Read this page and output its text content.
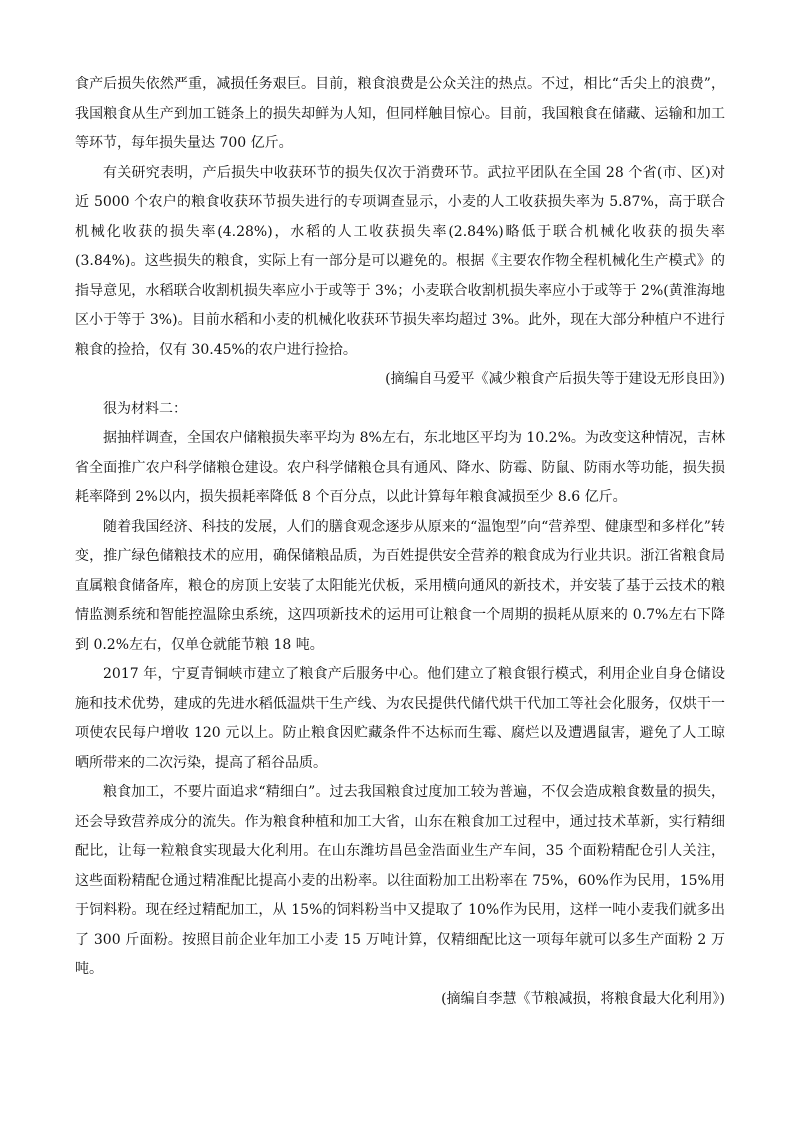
食产后损失依然严重，减损任务艰巨。目前，粮食浪费是公众关注的热点。不过，相比“舌尖上的浪费”，我国粮食从生产到加工链条上的损失却鲜为人知，但同样触目惊心。目前，我国粮食在储藏、运输和加工等环节，每年损失量达 700 亿斤。

有关研究表明，产后损失中收获环节的损失仅次于消费环节。武拉平团队在全国 28 个省(市、区)对近 5000 个农户的粮食收获环节损失进行的专项调查显示，小麦的人工收获损失率为 5.87%，高于联合机械化收获的损失率(4.28%)，水稻的人工收获损失率(2.84%)略低于联合机械化收获的损失率(3.84%)。这些损失的粮食，实际上有一部分是可以避免的。根据《主要农作物全程机械化生产模式》的指导意见，水稻联合收割机损失率应小于或等于 3%；小麦联合收割机损失率应小于或等于 2%(黄淮海地区小于等于 3%)。目前水稻和小麦的机械化收获环节损失率均超过 3%。此外，现在大部分种植户不进行粮食的捡拾，仅有 30.45%的农户进行捡拾。

(摘编自马爱平《减少粮食产后损失等于建设无形良田》)

很为材料二：

据抽样调查，全国农户储粮损失率平均为 8%左右，东北地区平均为 10.2%。为改变这种情况，吉林省全面推广农户科学储粮仓建设。农户科学储粮仓具有通风、降水、防霉、防鼠、防雨水等功能，损失损耗率降到 2%以内，损失损耗率降低 8 个百分点，以此计算每年粮食减损至少 8.6 亿斤。

随着我国经济、科技的发展，人们的膳食观念逐步从原来的“温饱型”向“营养型、健康型和多样化”转变，推广绿色储粮技术的应用，确保储粮品质，为百姓提供安全营养的粮食成为行业共识。浙江省粮食局直属粮食储备库，粮仓的房顶上安装了太阳能光伏板，采用横向通风的新技术，并安装了基于云技术的粮情监测系统和智能控温除虫系统，这四项新技术的运用可让粮食一个周期的损耗从原来的 0.7%左右下降到 0.2%左右，仅单仓就能节粮 18 吨。

2017 年，宁夏青铜峡市建立了粮食产后服务中心。他们建立了粮食银行模式，利用企业自身仓储设施和技术优势，建成的先进水稻低温烘干生产线、为农民提供代储代烘干代加工等社会化服务，仅烘干一项使农民每户增收 120 元以上。防止粮食因贮藏条件不达标而生霉、腐烂以及遭遇鼠害，避免了人工晾晒所带来的二次污染，提高了稻谷品质。

粮食加工，不要片面追求“精细白”。过去我国粮食过度加工较为普遍，不仅会造成粮食数量的损失，还会导致营养成分的流失。作为粮食种植和加工大省，山东在粮食加工过程中，通过技术革新，实行精细配比，让每一粒粮食实现最大化利用。在山东潍坊昌邑金浩面业生产车间，35 个面粉精配仓引人关注，这些面粉精配仓通过精准配比提高小麦的出粉率。以往面粉加工出粉率在 75%，60%作为民用，15%用于饲料粉。现在经过精配加工，从 15%的饲料粉当中又提取了 10%作为民用，这样一吨小麦我们就多出了 300 斤面粉。按照目前企业年加工小麦 15 万吨计算，仅精细配比这一项每年就可以多生产面粉 2 万吨。

(摘编自李慧《节粮减损，将粮食最大化利用》)
